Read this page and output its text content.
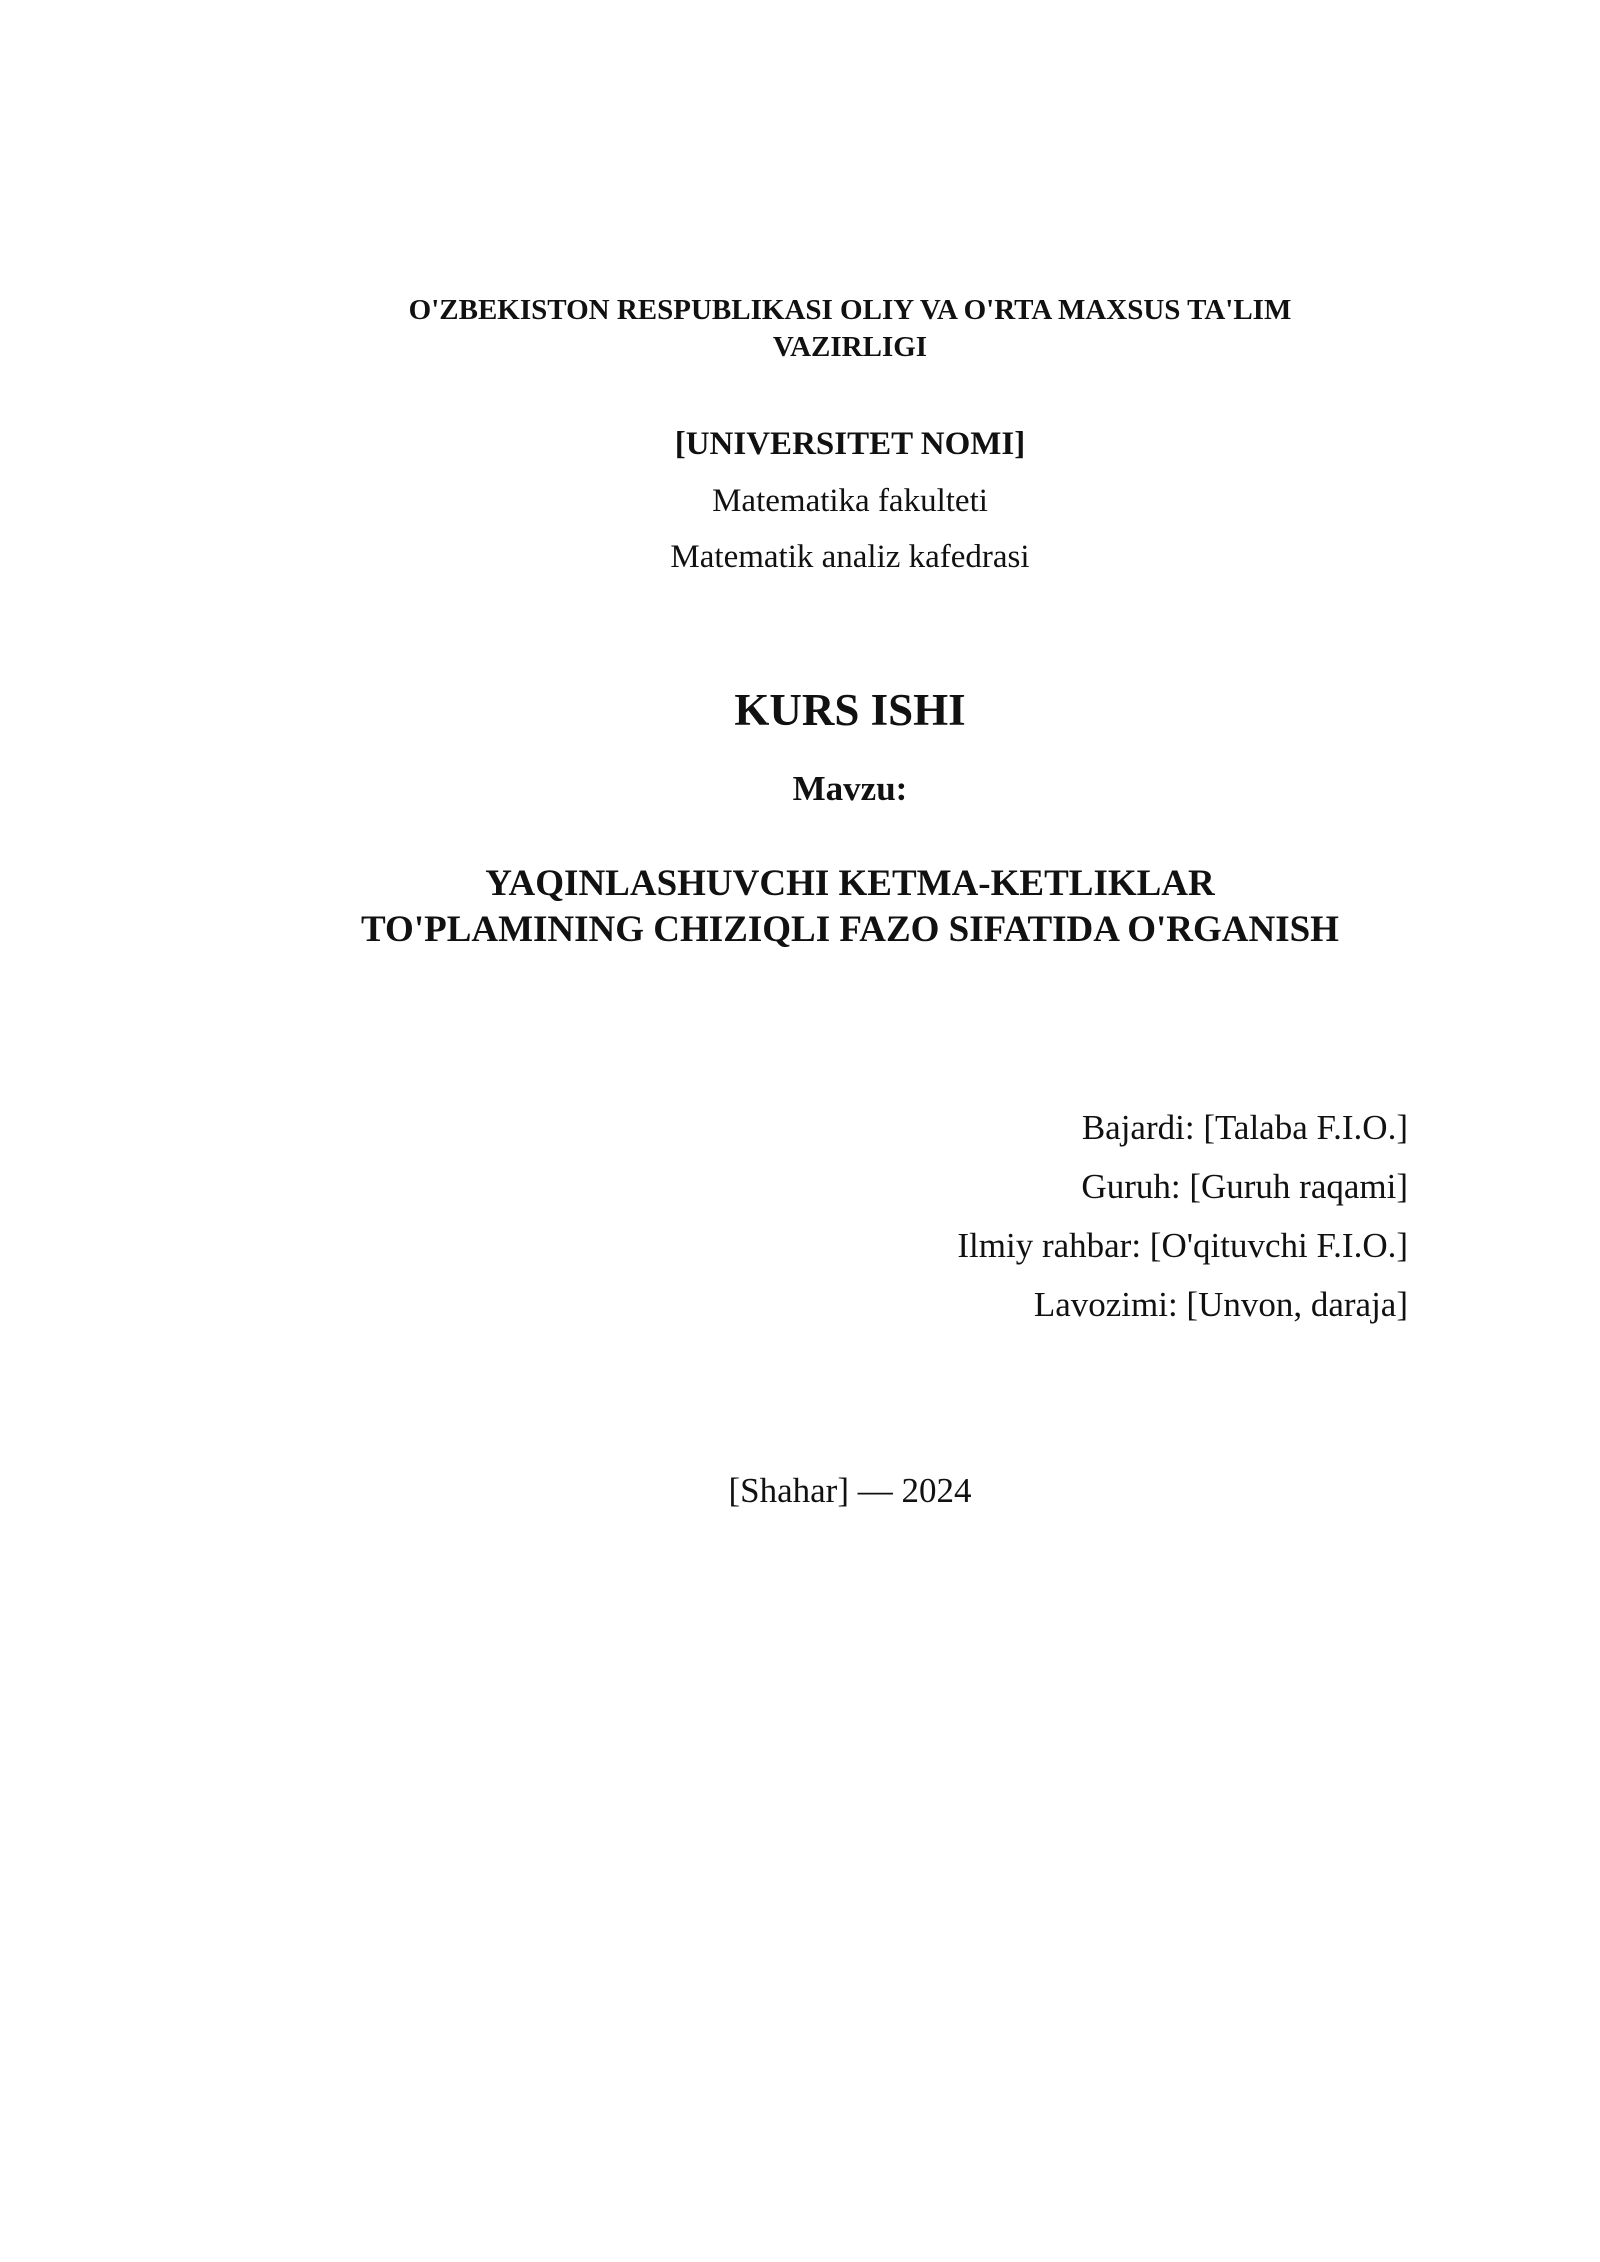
O'ZBEKISTON RESPUBLIKASI OLIY VA O'RTA MAXSUS TA'LIM
VAZIRLIGI
[UNIVERSITET NOMI]
Matematika fakulteti
Matematik analiz kafedrasi
KURS ISHI
Mavzu:
YAQINLASHUVCHI KETMA-KETLIKLAR
TO'PLAMINING CHIZIQLI FAZO SIFATIDA O'RGANISH
Bajardi: [Talaba F.I.O.]
Guruh: [Guruh raqami]
Ilmiy rahbar: [O'qituvchi F.I.O.]
Lavozimi: [Unvon, daraja]
[Shahar] — 2024
